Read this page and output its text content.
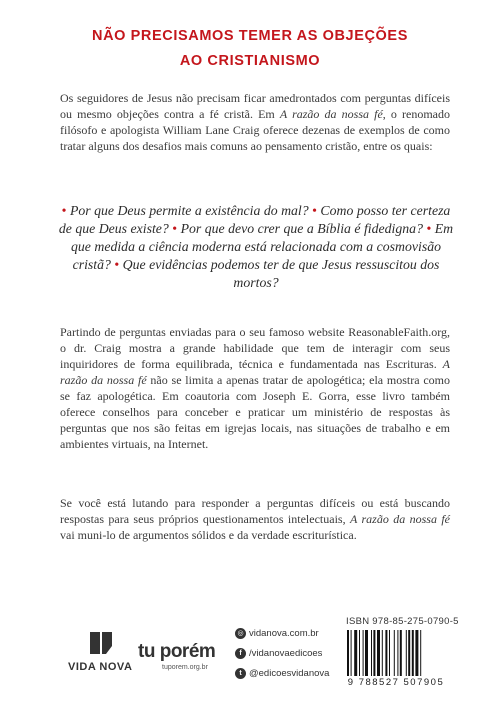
NÃO PRECISAMOS TEMER AS OBJEÇÕES
AO CRISTIANISMO

Os seguidores de Jesus não precisam ficar amedrontados com perguntas difíceis ou mesmo objeções contra a fé cristã. Em A razão da nossa fé, o renomado filósofo e apologista William Lane Craig oferece dezenas de exemplos de como tratar alguns dos desafios mais comuns ao pensamento cristão, entre os quais:

• Por que Deus permite a existência do mal? • Como posso ter certeza de que Deus existe? • Por que devo crer que a Bíblia é fidedigna? • Em que medida a ciência moderna está relacionada com a cosmovisão cristã? • Que evidências podemos ter de que Jesus ressuscitou dos mortos?

Partindo de perguntas enviadas para o seu famoso website ReasonableFaith.org, o dr. Craig mostra a grande habilidade que tem de interagir com seus inquiridores de forma equilibrada, técnica e fundamentada nas Escrituras. A razão da nossa fé não se limita a apenas tratar de apologética; ela mostra como se faz apologética. Em coautoria com Joseph E. Gorra, esse livro também oferece conselhos para conceber e praticar um ministério de respostas às perguntas que nos são feitas em igrejas locais, nas situações de trabalho e em ambientes virtuais, na Internet.

Se você está lutando para responder a perguntas difíceis ou está buscando respostas para seus próprios questionamentos intelectuais, A razão da nossa fé vai muni-lo de argumentos sólidos e da verdade escriturística.

VIDA NOVA
tu porém
tuporem.org.br
◎ vidanova.com.br
f /vidanovaedicoes
t @edicoesvidanova
ISBN 978-85-275-0790-5
9 788527 507905
